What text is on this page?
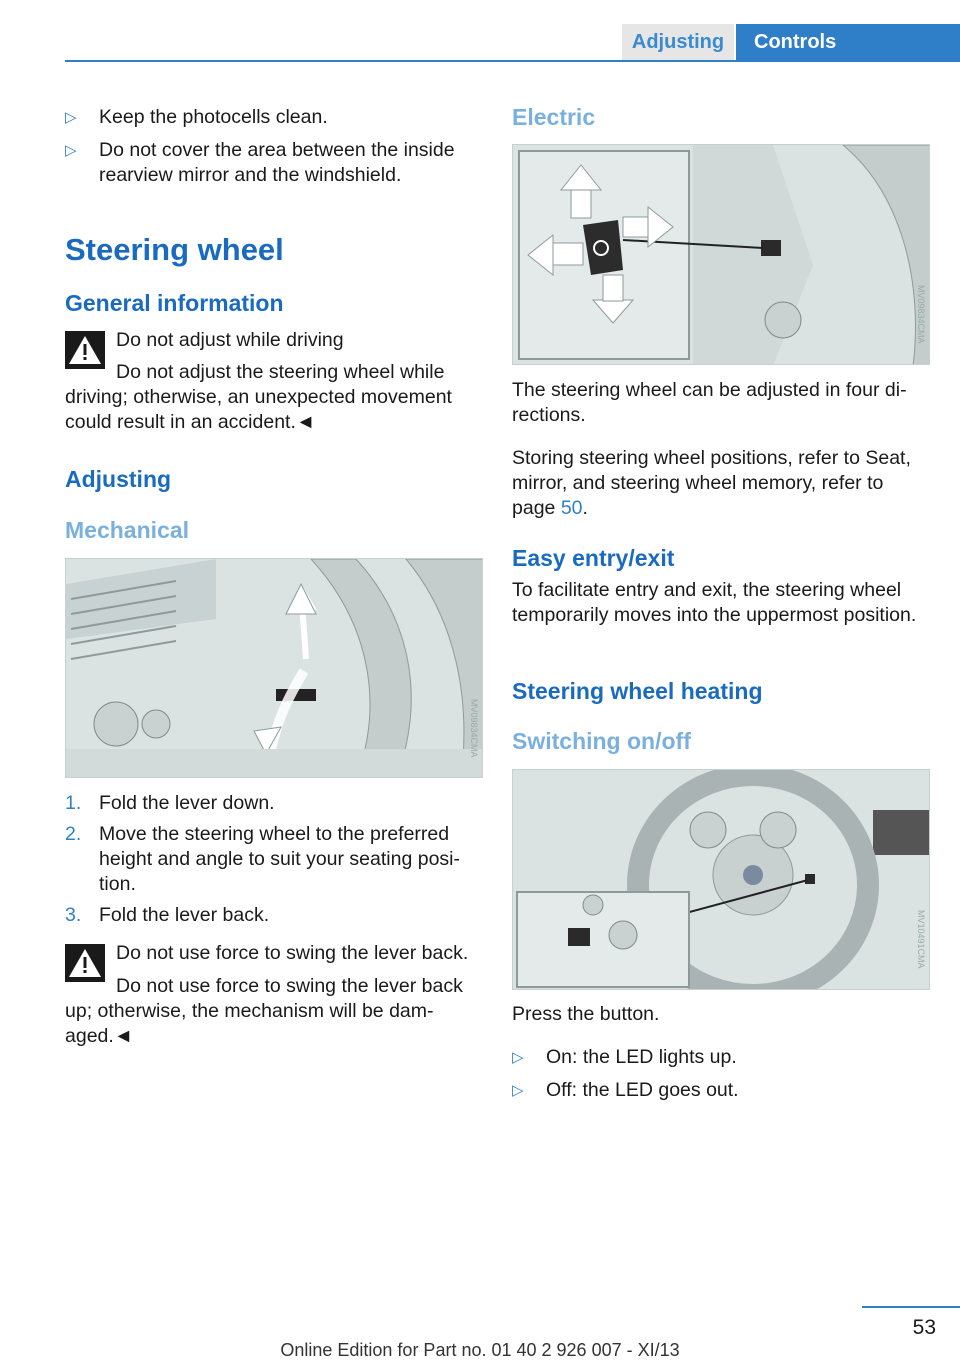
Adjusting	Controls
▷	Keep the photocells clean.
▷	Do not cover the area between the inside rearview mirror and the windshield.
Steering wheel
General information
Do not adjust while driving
Do not adjust the steering wheel while driving; otherwise, an unexpected movement could result in an accident.◄
Adjusting
Mechanical
MV09834CMA
1. Fold the lever down.
2. Move the steering wheel to the preferred height and angle to suit your seating position.
3. Fold the lever back.
Do not use force to swing the lever back.
Do not use force to swing the lever back up; otherwise, the mechanism will be damaged.◄
Electric
MV09834CMA
The steering wheel can be adjusted in four directions.
Storing steering wheel positions, refer to Seat, mirror, and steering wheel memory, refer to page 50.
Easy entry/exit
To facilitate entry and exit, the steering wheel temporarily moves into the uppermost position.
Steering wheel heating
Switching on/off
MV10491CMA
Press the button.
▷	On: the LED lights up.
▷	Off: the LED goes out.
53
Online Edition for Part no. 01 40 2 926 007 - XI/13
